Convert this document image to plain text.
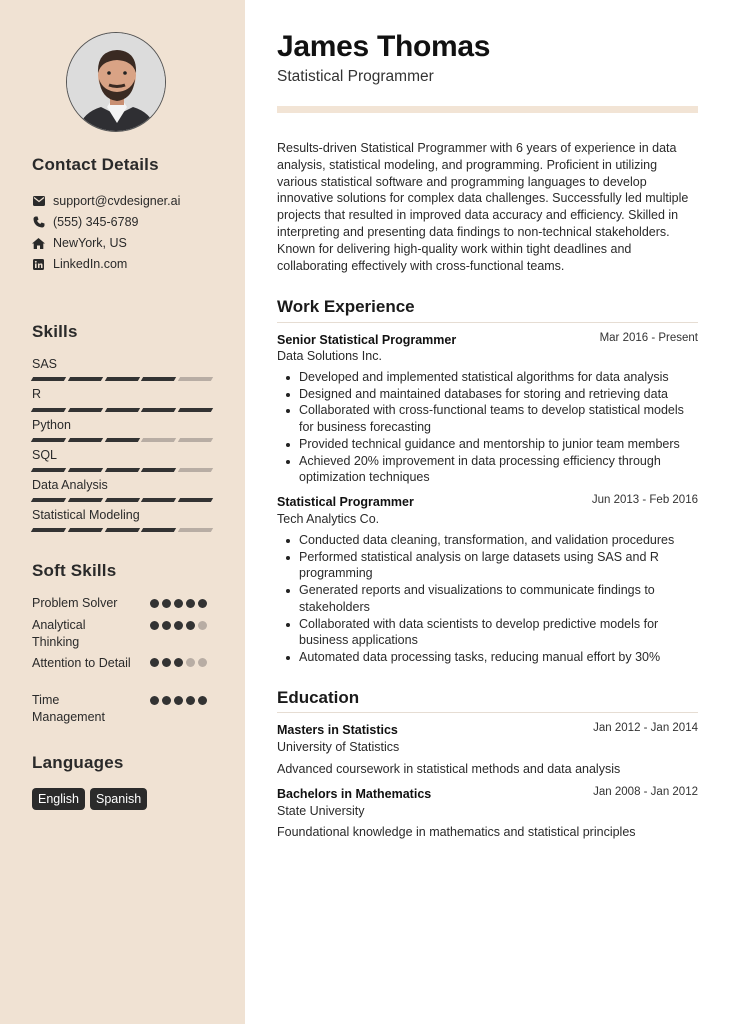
Contact Details
support@cvdesigner.ai
(555) 345-6789
NewYork, US
LinkedIn.com
Skills
SAS
R
Python
SQL
Data Analysis
Statistical Modeling
Soft Skills
Problem Solver
Analytical Thinking
Attention to Detail
Time Management
Languages
English	Spanish
James Thomas
Statistical Programmer
Results-driven Statistical Programmer with 6 years of experience in data analysis, statistical modeling, and programming. Proficient in utilizing various statistical software and programming languages to develop innovative solutions for complex data challenges. Successfully led multiple projects that resulted in improved data accuracy and efficiency. Skilled in interpreting and presenting data findings to non-technical stakeholders. Known for delivering high-quality work within tight deadlines and collaborating effectively with cross-functional teams.
Work Experience
Senior Statistical Programmer	Mar 2016 - Present
Data Solutions Inc.
Developed and implemented statistical algorithms for data analysis
Designed and maintained databases for storing and retrieving data
Collaborated with cross-functional teams to develop statistical models for business forecasting
Provided technical guidance and mentorship to junior team members
Achieved 20% improvement in data processing efficiency through optimization techniques
Statistical Programmer	Jun 2013 - Feb 2016
Tech Analytics Co.
Conducted data cleaning, transformation, and validation procedures
Performed statistical analysis on large datasets using SAS and R programming
Generated reports and visualizations to communicate findings to stakeholders
Collaborated with data scientists to develop predictive models for business applications
Automated data processing tasks, reducing manual effort by 30%
Education
Masters in Statistics	Jan 2012 - Jan 2014
University of Statistics
Advanced coursework in statistical methods and data analysis
Bachelors in Mathematics	Jan 2008 - Jan 2012
State University
Foundational knowledge in mathematics and statistical principles
